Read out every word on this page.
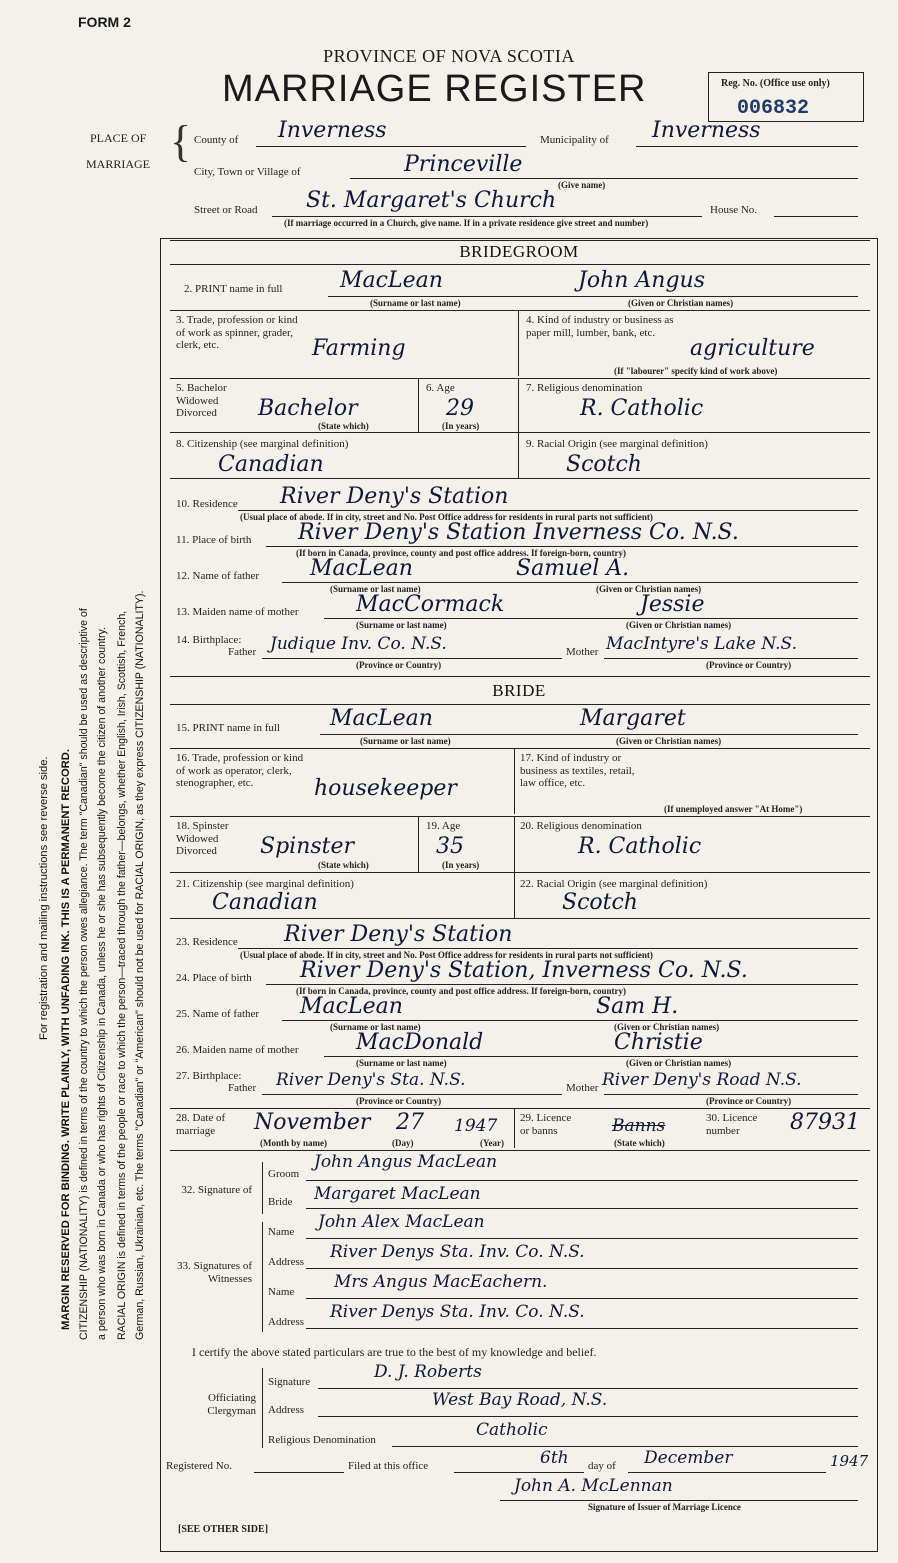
FORM 2
PROVINCE OF NOVA SCOTIA
MARRIAGE REGISTER	Reg. No. (Office use only)
006832
PLACE OF
MARRIAGE { County of Inverness	Municipality of Inverness
City, Town or Village of	Princeville
(Give name)
Street or Road St. Margaret's Church	House No.
(If marriage occurred in a Church, give name. If in a private residence give street and number)
For registration and mailing instructions see reverse side. MARGIN RESERVED FOR BINDING. WRITE PLAINLY, WITH UNFADING INK. THIS IS A PERMANENT RECORD. CITIZENSHIP (NATIONALITY) is defined in terms of the country to which the person owes allegiance. The term "Canadian" should be used as descriptive of a person who was born in Canada or who has rights of Citizenship in Canada, unless he or she has subsequently become the citizen of another country. RACIAL ORIGIN is defined in terms of the people or race to which the person—traced through the father—belongs, whether English, Irish, Scottish, French, German, Russian, Ukrainian, etc. The terms "Canadian" or "American" should not be used for RACIAL ORIGIN, as they express CITIZENSHIP (NATIONALITY).
BRIDEGROOM
2. PRINT name in full	MacLean	John Angus
(Surname or last name)	(Given or Christian names)
3. Trade, profession or kind of work as spinner, grader, clerk, etc.	Farming
4. Kind of industry or business as paper mill, lumber, bank, etc.
agriculture
(If "labourer" specify kind of work above)
5. Bachelor Widowed Divorced	Bachelor
(State which)
6. Age
29
(In years)
7. Religious denomination
R. Catholic
8. Citizenship (see marginal definition)
Canadian
9. Racial Origin (see marginal definition)
Scotch
10. Residence River Deny's Station
(Usual place of abode. If in city, street and No. Post Office address for residents in rural parts not sufficient)
11. Place of birth River Deny's Station Inverness Co. N.S.
(If born in Canada, province, county and post office address. If foreign-born, country)
12. Name of father MacLean	Samuel A.
(Surname or last name)	(Given or Christian names)
13. Maiden name of mother	MacCormack	Jessie
(Surname or last name)	(Given or Christian names)
14. Birthplace:
Father Judique Inv. Co. N.S.	Mother MacIntyre's Lake N.S.
(Province or Country)	(Province or Country)
BRIDE
15. PRINT name in full MacLean	Margaret
(Surname or last name)	(Given or Christian names)
16. Trade, profession or kind of work as operator, clerk, stenographer, etc.	housekeeper
17. Kind of industry or business as textiles, retail, law office, etc.
(If unemployed answer "At Home")
18. Spinster Widowed Divorced	Spinster
(State which)
19. Age
35
(In years)
20. Religious denomination
R. Catholic
21. Citizenship (see marginal definition)
Canadian
22. Racial Origin (see marginal definition)
Scotch
23. Residence River Deny's Station
(Usual place of abode. If in city, street and No. Post Office address for residents in rural parts not sufficient)
24. Place of birth River Deny's Station, Inverness Co. N.S.
(If born in Canada, province, county and post office address. If foreign-born, country)
25. Name of father MacLean	Sam H.
(Surname or last name)	(Given or Christian names)
26. Maiden name of mother	MacDonald	Christie
(Surname or last name)	(Given or Christian names)
27. Birthplace:
Father River Deny's Sta. N.S.	Mother River Deny's Road N.S.
(Province or Country)	(Province or Country)
28. Date of marriage	November 27 1947
(Month by name)	(Day)	(Year)
29. Licence or banns	Banns
(State which)
30. Licence number	87931
32. Signature of
Groom
John Angus MacLean
Bride Margaret MacLean
33. Signatures of Witnesses
Name John Alex MacLean
Address River Denys Sta. Inv. Co. N.S.
Name Mrs Angus MacEachern.
Address River Denys Sta. Inv. Co. N.S.
I certify the above stated particulars are true to the best of my knowledge and belief.
Officiating Clergyman
Signature	D. J. Roberts
Address	West Bay Road, N.S.
Religious Denomination	Catholic
Registered No.	Filed at this office	6th day of December	1947
John A. McLennan
Signature of Issuer of Marriage Licence
[SEE OTHER SIDE]
